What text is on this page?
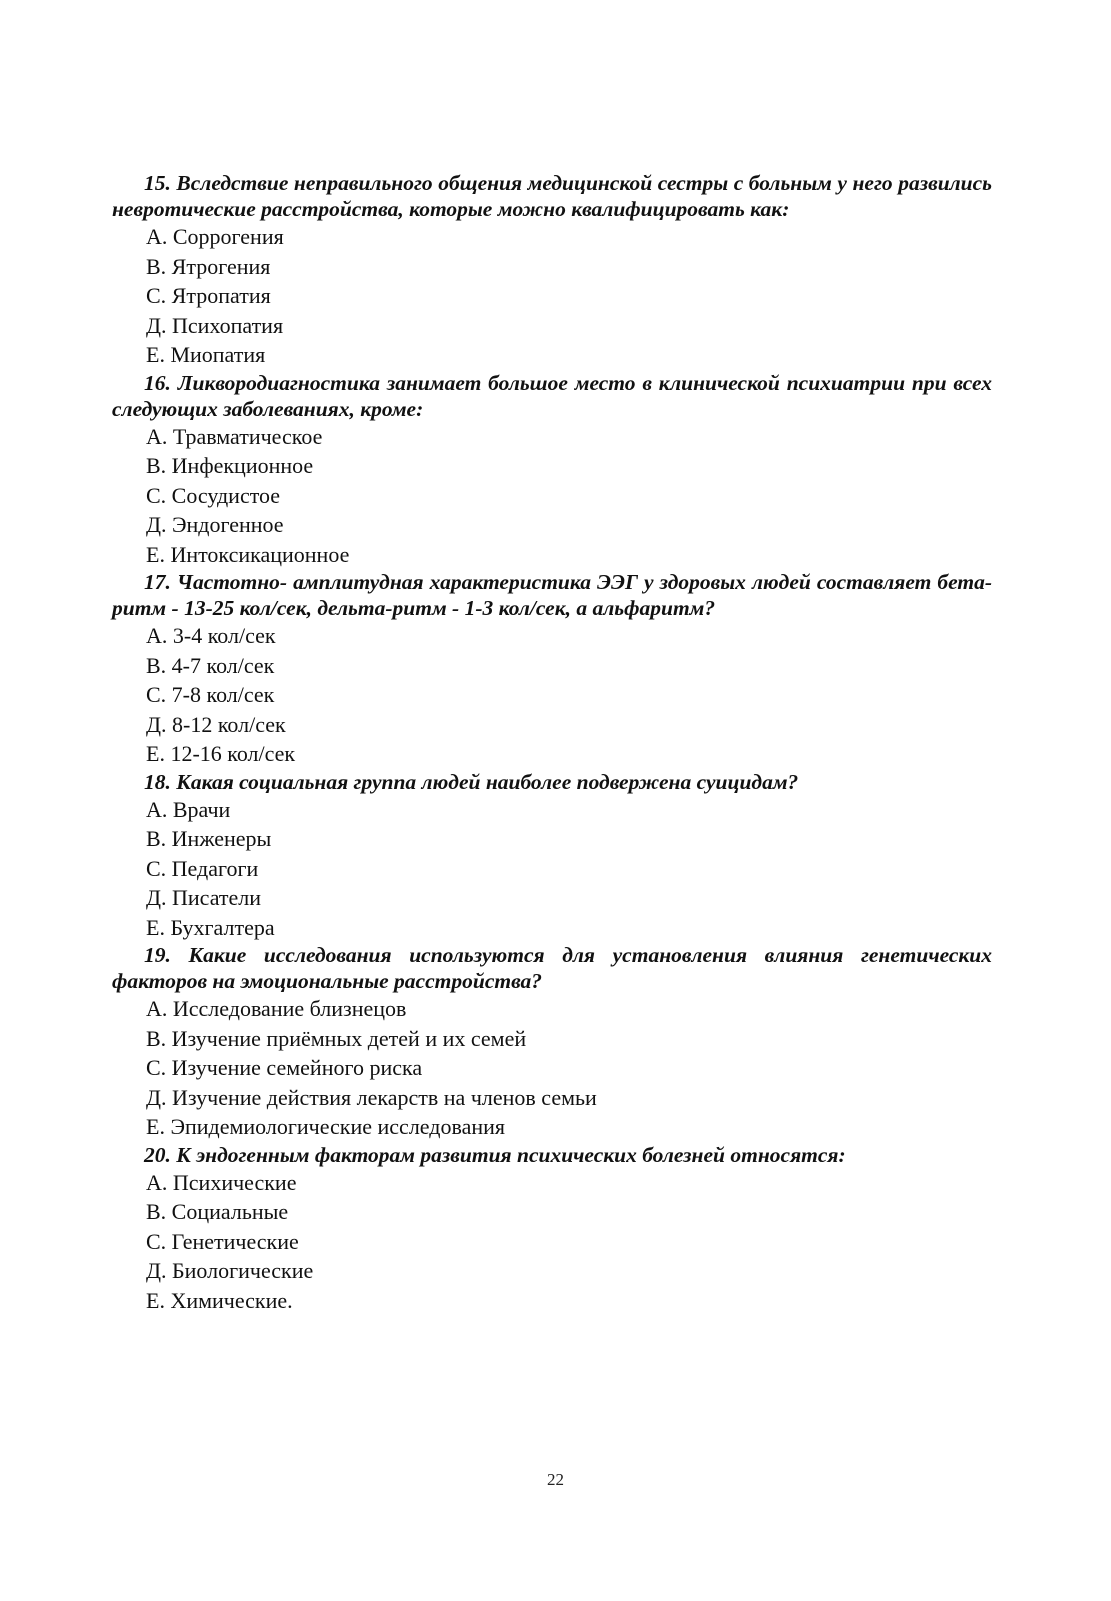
15. Вследствие неправильного общения медицинской сестры с больным у него развились невротические расстройства, которые можно квалифицировать как:

А. Соррогения
В. Ятрогения
С. Ятропатия
Д. Психопатия
Е. Миопатия

16. Ликвородиагностика занимает большое место в клинической психиатрии при всех следующих заболеваниях, кроме:

А. Травматическое
В. Инфекционное
С. Сосудистое
Д. Эндогенное
Е. Интоксикационное

17. Частотно- амплитудная характеристика ЭЭГ у здоровых людей составляет бета-ритм - 13-25 кол/сек, дельта-ритм - 1-3 кол/сек, а альфаритм?

А. 3-4 кол/сек
В. 4-7 кол/сек
С. 7-8 кол/сек
Д. 8-12 кол/сек
Е. 12-16 кол/сек

18. Какая социальная группа людей наиболее подвержена суицидам?

А. Врачи
В. Инженеры
С. Педагоги
Д. Писатели
Е. Бухгалтера

19. Какие исследования используются для установления влияния генетических факторов на эмоциональные расстройства?

А. Исследование близнецов
В. Изучение приёмных детей и их семей
С. Изучение семейного риска
Д. Изучение действия лекарств на членов семьи
Е. Эпидемиологические исследования

20. К эндогенным факторам развития психических болезней относятся:

А. Психические
В. Социальные
С. Генетические
Д. Биологические
Е. Химические.
22
